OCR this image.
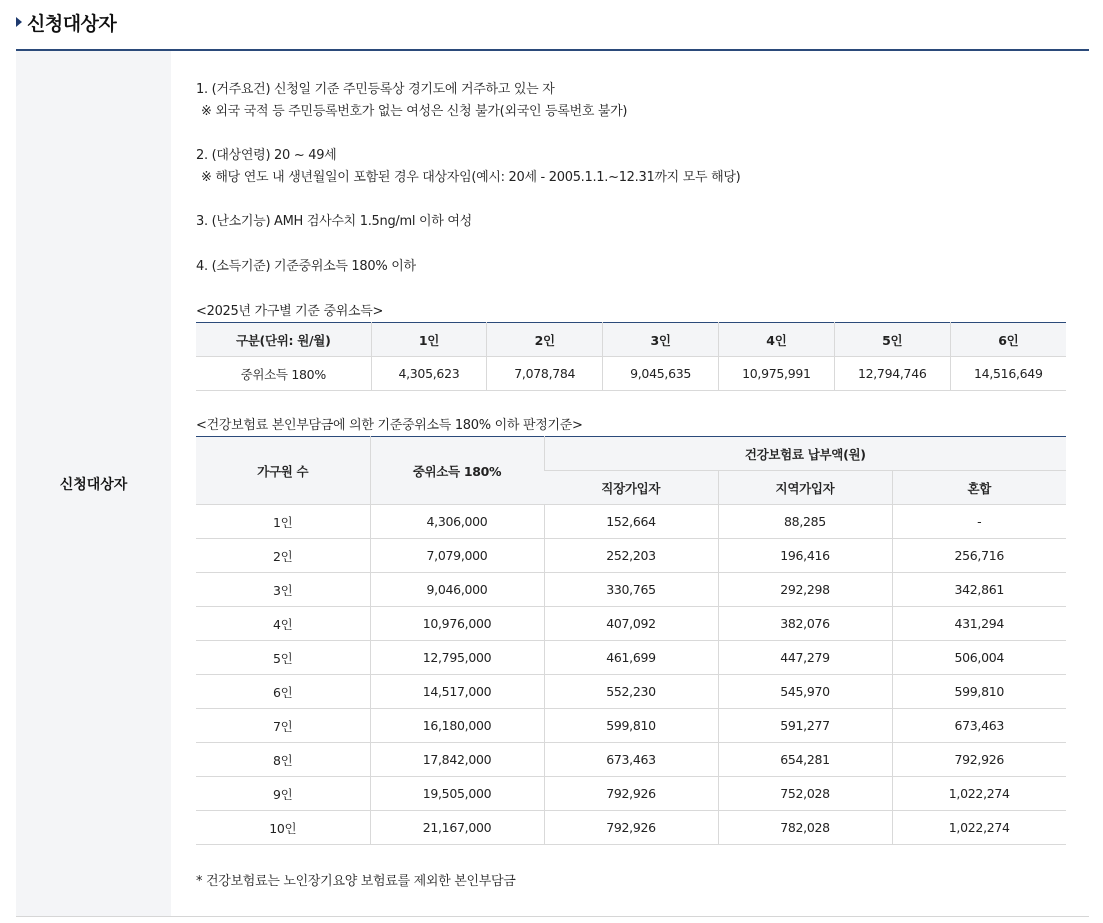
신청대상자
신청대상자
1. (거주요건) 신청일 기준 주민등록상 경기도에 거주하고 있는 자
※ 외국 국적 등 주민등록번호가 없는 여성은 신청 불가(외국인 등록번호 불가)
2. (대상연령) 20 ~ 49세
※ 해당 연도 내 생년월일이 포함된 경우 대상자임(예시: 20세 - 2005.1.1.~12.31까지 모두 해당)
3. (난소기능) AMH 검사수치 1.5ng/ml 이하 여성
4. (소득기준) 기준중위소득 180% 이하
<2025년 가구별 기준 중위소득>
구분(단위: 원/월)	1인	2인	3인	4인	5인	6인
중위소득 180%	4,305,623	7,078,784	9,045,635	10,975,991	12,794,746	14,516,649
<건강보험료 본인부담금에 의한 기준중위소득 180% 이하 판정기준>
가구원 수	중위소득 180%	건강보험료 납부액(원)		
		직장가입자	지역가입자	혼합
1인	4,306,000	152,664	88,285	-
2인	7,079,000	252,203	196,416	256,716
3인	9,046,000	330,765	292,298	342,861
4인	10,976,000	407,092	382,076	431,294
5인	12,795,000	461,699	447,279	506,004
6인	14,517,000	552,230	545,970	599,810
7인	16,180,000	599,810	591,277	673,463
8인	17,842,000	673,463	654,281	792,926
9인	19,505,000	792,926	752,028	1,022,274
10인	21,167,000	792,926	782,028	1,022,274
* 건강보험료는 노인장기요양 보험료를 제외한 본인부담금
